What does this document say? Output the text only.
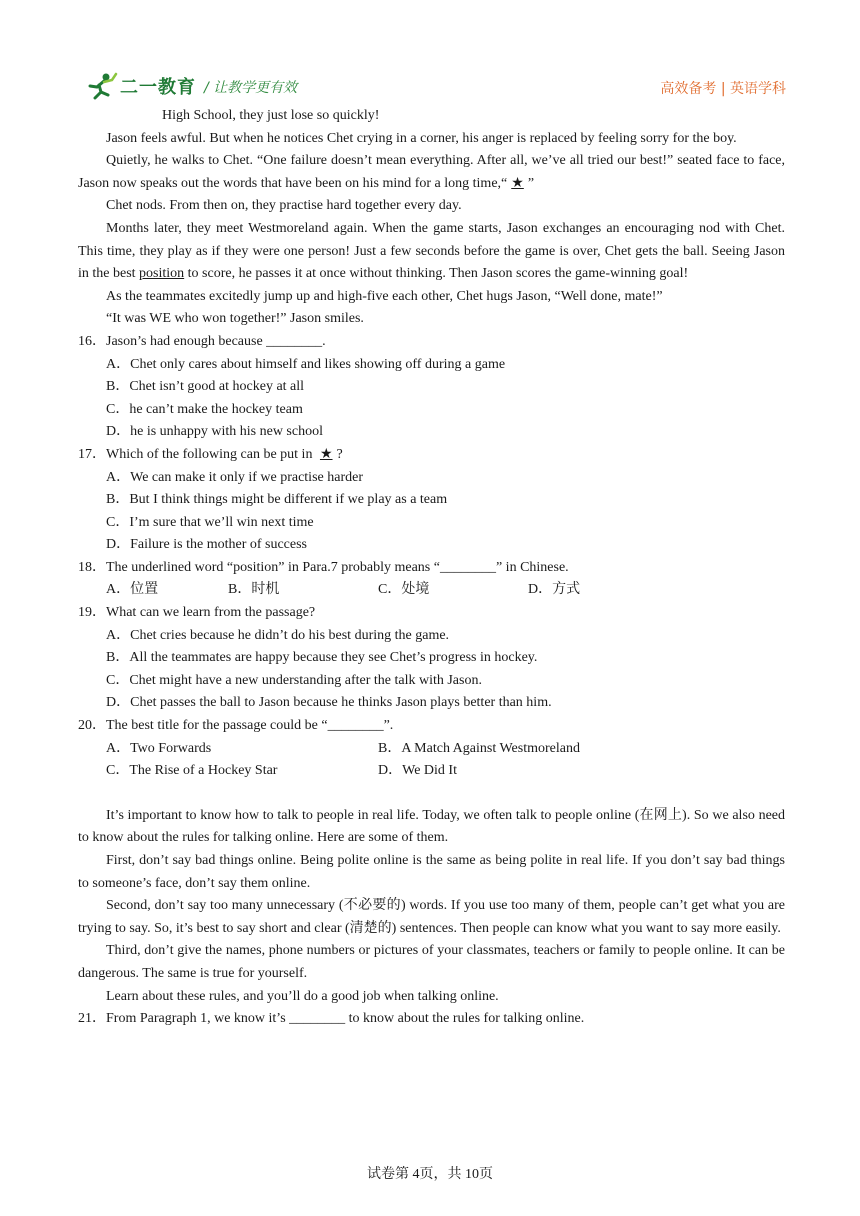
二一教育 / 让教学更有效	高效备考 | 英语学科

High School, they just lose so quickly!

Jason feels awful. But when he notices Chet crying in a corner, his anger is replaced by feeling sorry for the boy.

Quietly, he walks to Chet. “One failure doesn’t mean everything. After all, we’ve all tried our best!” seated face to face, Jason now speaks out the words that have been on his mind for a long time,“ ★ ”

Chet nods. From then on, they practise hard together every day.

Months later, they meet Westmoreland again. When the game starts, Jason exchanges an encouraging nod with Chet. This time, they play as if they were one person! Just a few seconds before the game is over, Chet gets the ball. Seeing Jason in the best position to score, he passes it at once without thinking. Then Jason scores the game-winning goal!

As the teammates excitedly jump up and high-five each other, Chet hugs Jason, “Well done, mate!”

“It was WE who won together!” Jason smiles.

16．Jason’s had enough because ________.

A．Chet only cares about himself and likes showing off during a game

B．Chet isn’t good at hockey at all

C．he can’t make the hockey team

D．he is unhappy with his new school

17．Which of the following can be put in ★ ?

A．We can make it only if we practise harder

B．But I think things might be different if we play as a team

C．I’m sure that we’ll win next time

D．Failure is the mother of success

18．The underlined word “position” in Para.7 probably means “________” in Chinese.

A．位置	B．时机	C．处境	D．方式

19．What can we learn from the passage?

A．Chet cries because he didn’t do his best during the game.

B．All the teammates are happy because they see Chet’s progress in hockey.

C．Chet might have a new understanding after the talk with Jason.

D．Chet passes the ball to Jason because he thinks Jason plays better than him.

20．The best title for the passage could be “________”.

A．Two Forwards	B．A Match Against Westmoreland
C．The Rise of a Hockey Star	D．We Did It

It’s important to know how to talk to people in real life. Today, we often talk to people online (在网上). So we also need to know about the rules for talking online. Here are some of them.

First, don’t say bad things online. Being polite online is the same as being polite in real life. If you don’t say bad things to someone’s face, don’t say them online.

Second, don’t say too many unnecessary (不必要的) words. If you use too many of them, people can’t get what you are trying to say. So, it’s best to say short and clear (清楚的) sentences. Then people can know what you want to say more easily.

Third, don’t give the names, phone numbers or pictures of your classmates, teachers or family to people online. It can be dangerous. The same is true for yourself.

Learn about these rules, and you’ll do a good job when talking online.

21．From Paragraph 1, we know it’s ________ to know about the rules for talking online.

试卷第 4页，共 10页
